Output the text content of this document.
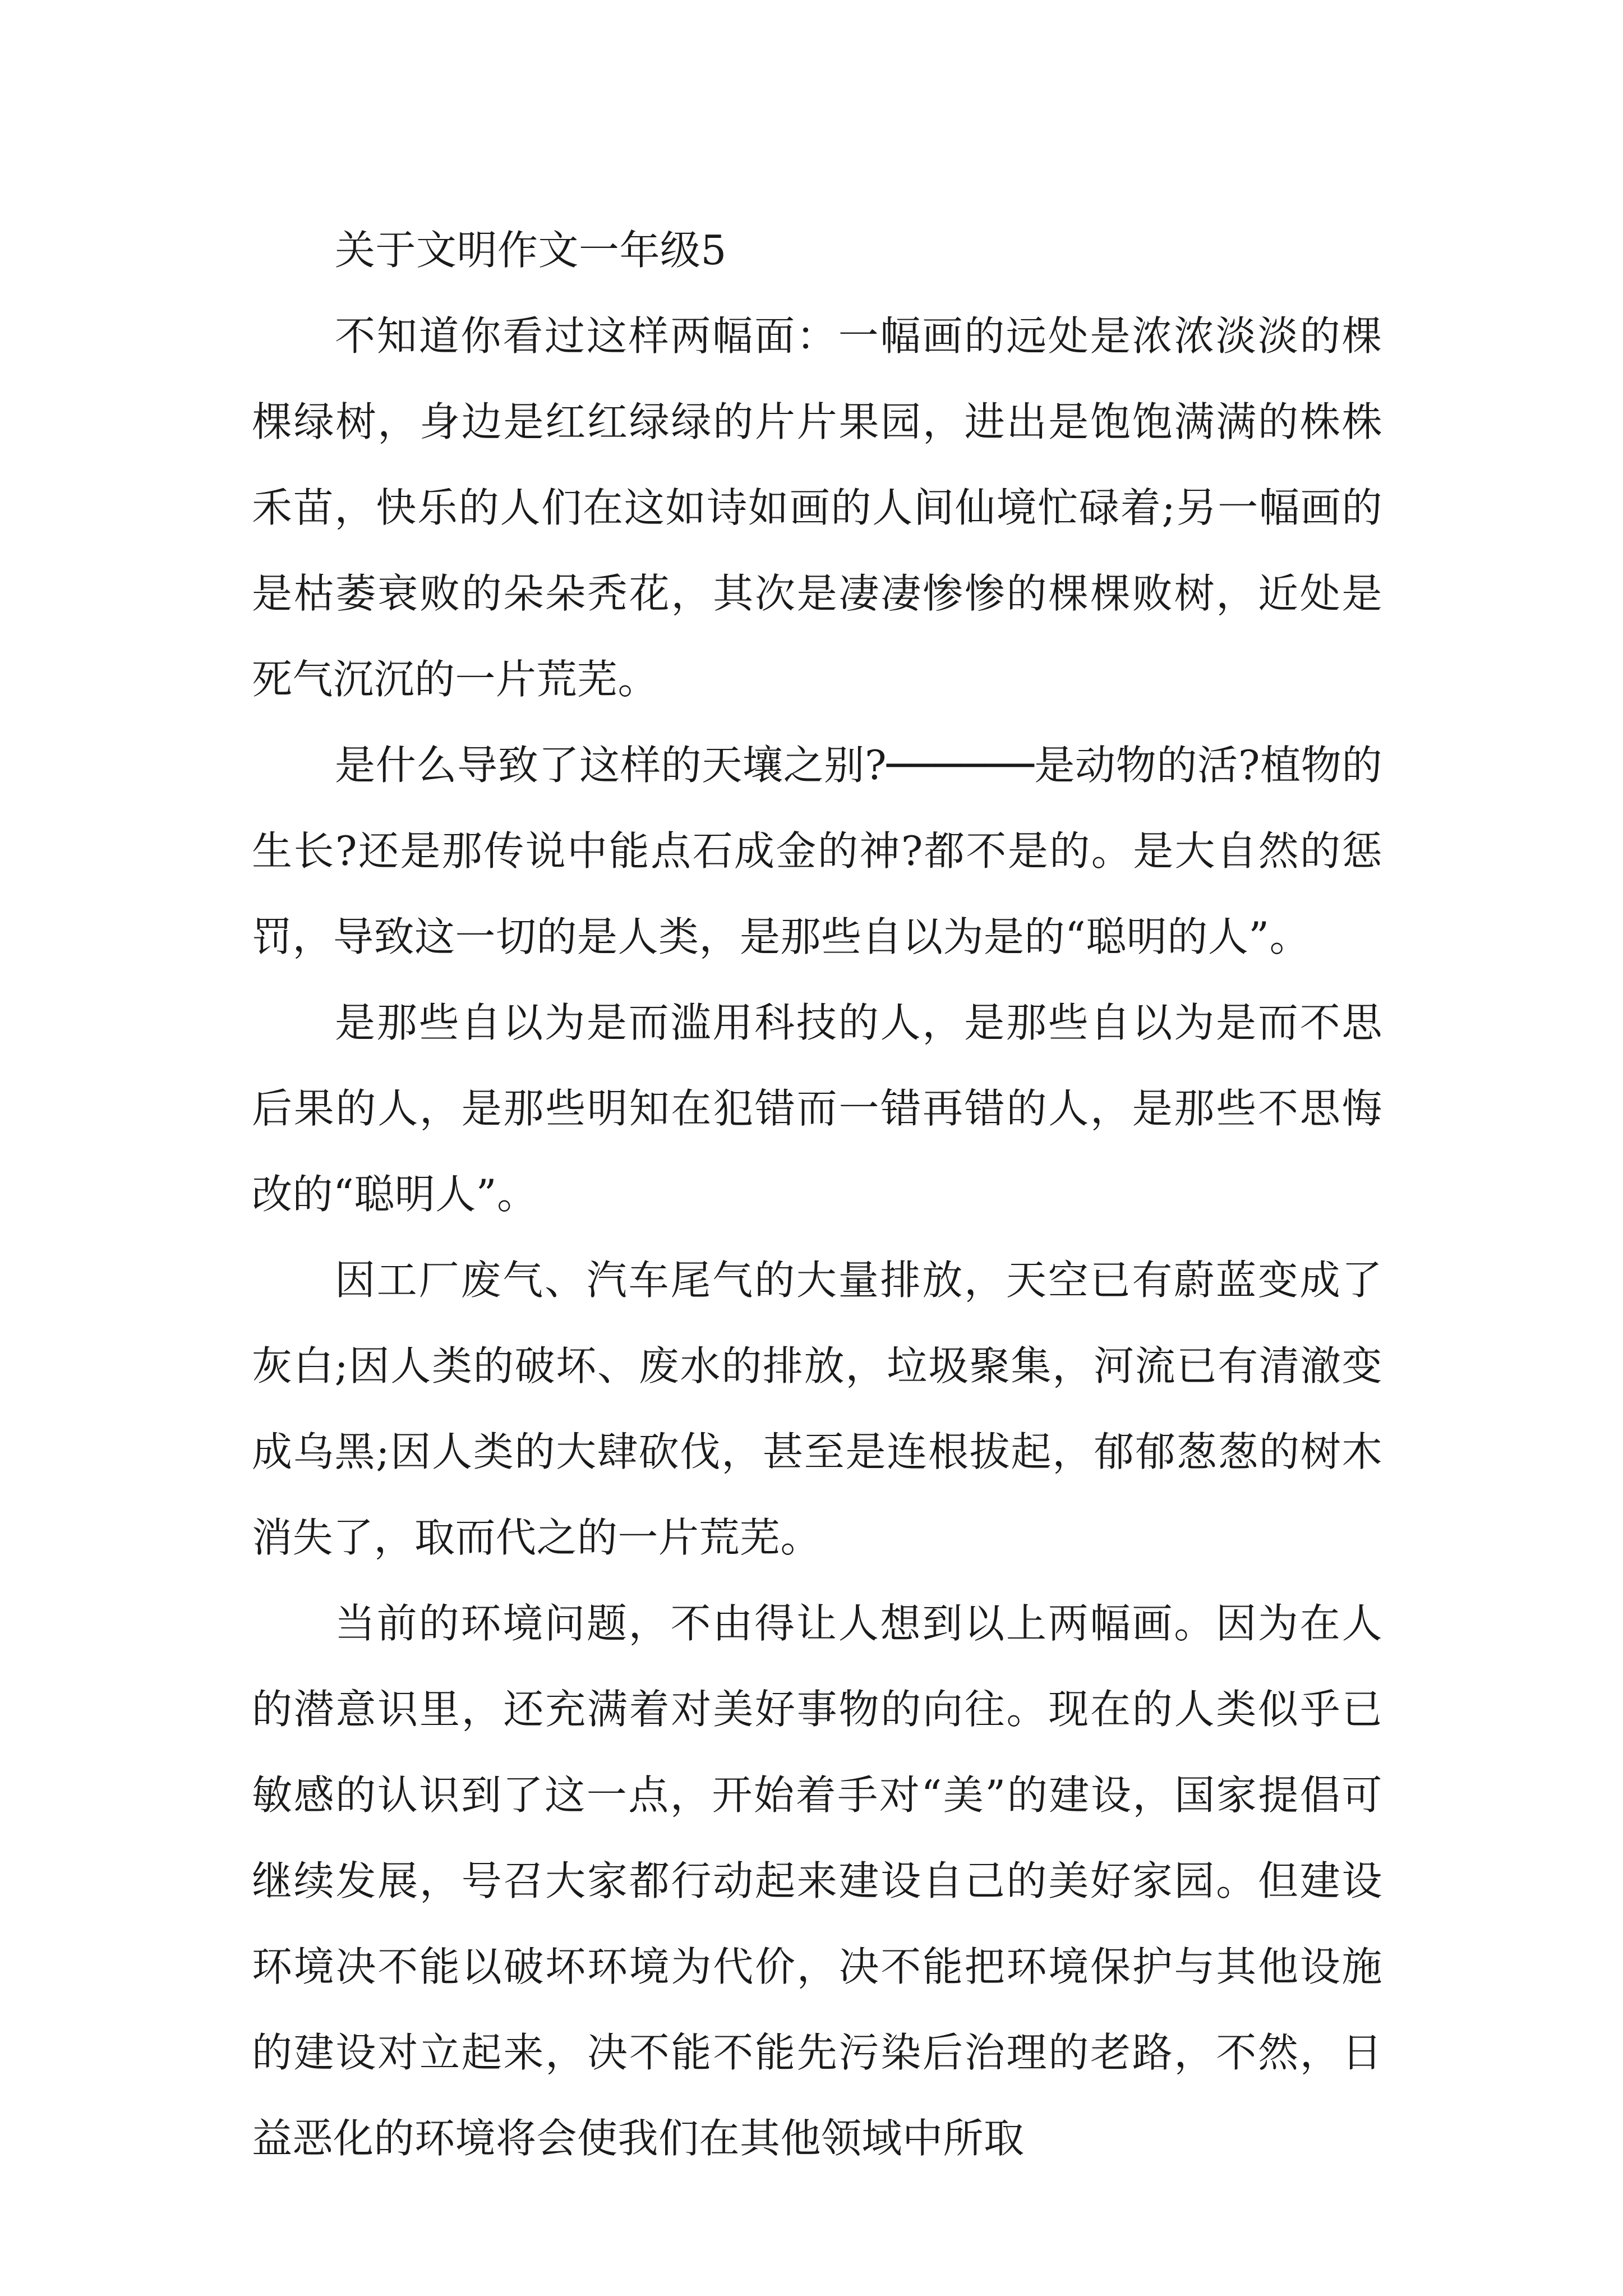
关于文明作文一年级5

不知道你看过这样两幅面：一幅画的远处是浓浓淡淡的棵棵绿树，身边是红红绿绿的片片果园，进出是饱饱满满的株株禾苗，快乐的人们在这如诗如画的人间仙境忙碌着;另一幅画的是枯萎衰败的朵朵秃花，其次是凄凄惨惨的棵棵败树，近处是死气沉沉的一片荒芜。

是什么导致了这样的天壤之别?──────是动物的活?植物的生长?还是那传说中能点石成金的神?都不是的。是大自然的惩罚，导致这一切的是人类，是那些自以为是的“聪明的人”。

是那些自以为是而滥用科技的人，是那些自以为是而不思后果的人，是那些明知在犯错而一错再错的人，是那些不思悔改的“聪明人”。

因工厂废气、汽车尾气的大量排放，天空已有蔚蓝变成了灰白;因人类的破坏、废水的排放，垃圾聚集，河流已有清澈变成乌黑;因人类的大肆砍伐，甚至是连根拔起，郁郁葱葱的树木消失了，取而代之的一片荒芜。

当前的环境问题，不由得让人想到以上两幅画。因为在人的潜意识里，还充满着对美好事物的向往。现在的人类似乎已敏感的认识到了这一点，开始着手对“美”的建设，国家提倡可继续发展，号召大家都行动起来建设自己的美好家园。但建设环境决不能以破坏环境为代价，决不能把环境保护与其他设施的建设对立起来，决不能不能先污染后治理的老路，不然，日益恶化的环境将会使我们在其他领域中所取
